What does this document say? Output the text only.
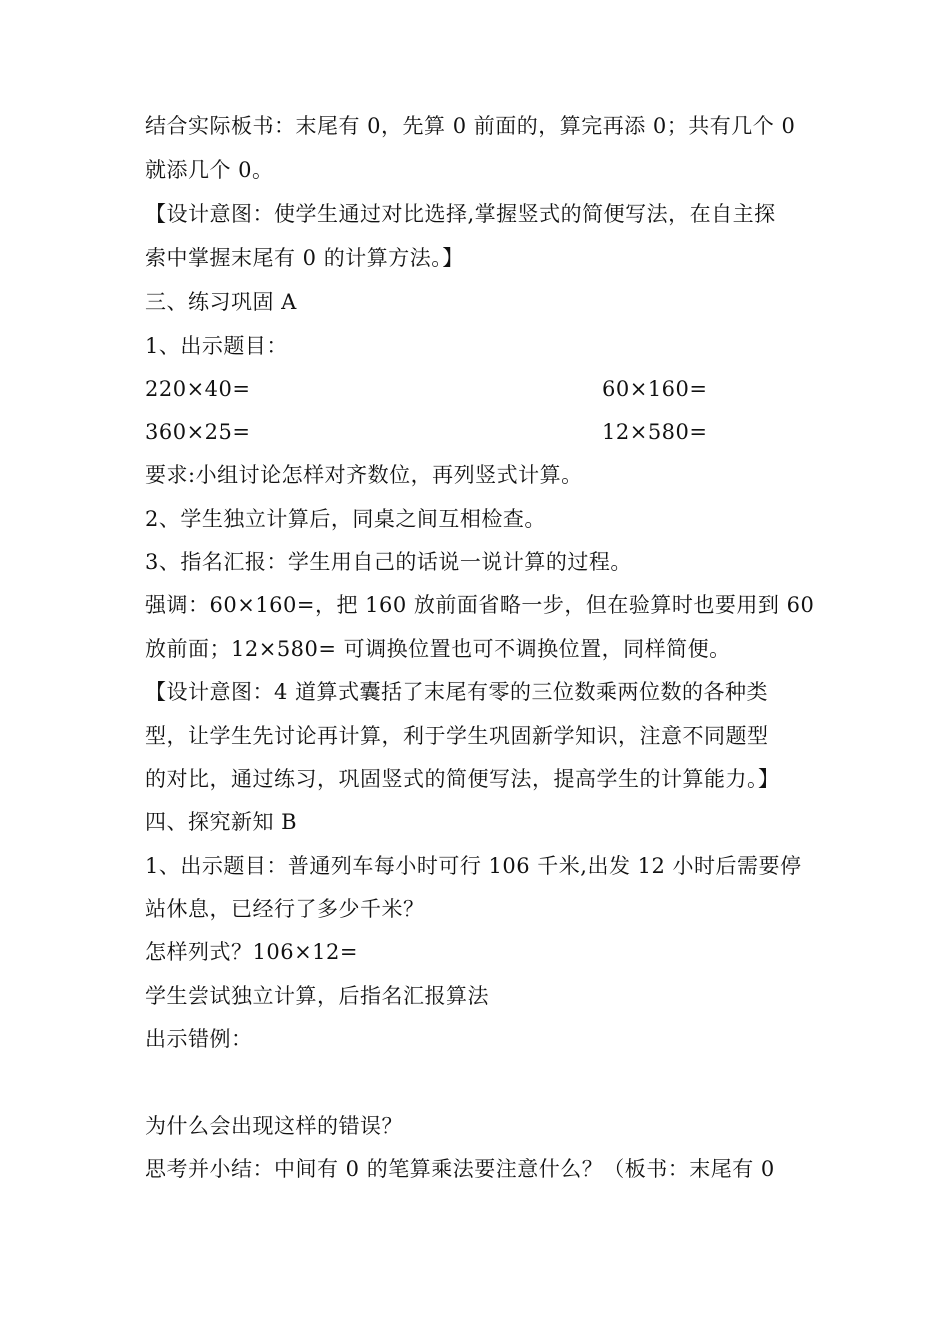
结合实际板书：末尾有 0，先算 0 前面的，算完再添 0；共有几个 0
就添几个 0。
【设计意图：使学生通过对比选择,掌握竖式的简便写法，在自主探
索中掌握末尾有 0 的计算方法。】
三、练习巩固 A
1、出示题目：
220×40=	60×160=
360×25=	12×580=
要求:小组讨论怎样对齐数位，再列竖式计算。
2、学生独立计算后，同桌之间互相检查。
3、指名汇报：学生用自己的话说一说计算的过程。
强调：60×160=，把 160 放前面省略一步，但在验算时也要用到 60
放前面；12×580= 可调换位置也可不调换位置，同样简便。
【设计意图：4 道算式囊括了末尾有零的三位数乘两位数的各种类
型，让学生先讨论再计算，利于学生巩固新学知识，注意不同题型
的对比，通过练习，巩固竖式的简便写法，提高学生的计算能力。】
四、探究新知 B
1、出示题目：普通列车每小时可行 106 千米,出发 12 小时后需要停
站休息，已经行了多少千米？
怎样列式？106×12=
学生尝试独立计算，后指名汇报算法
出示错例：
为什么会出现这样的错误？
思考并小结：中间有 0 的笔算乘法要注意什么？（板书：末尾有 0
